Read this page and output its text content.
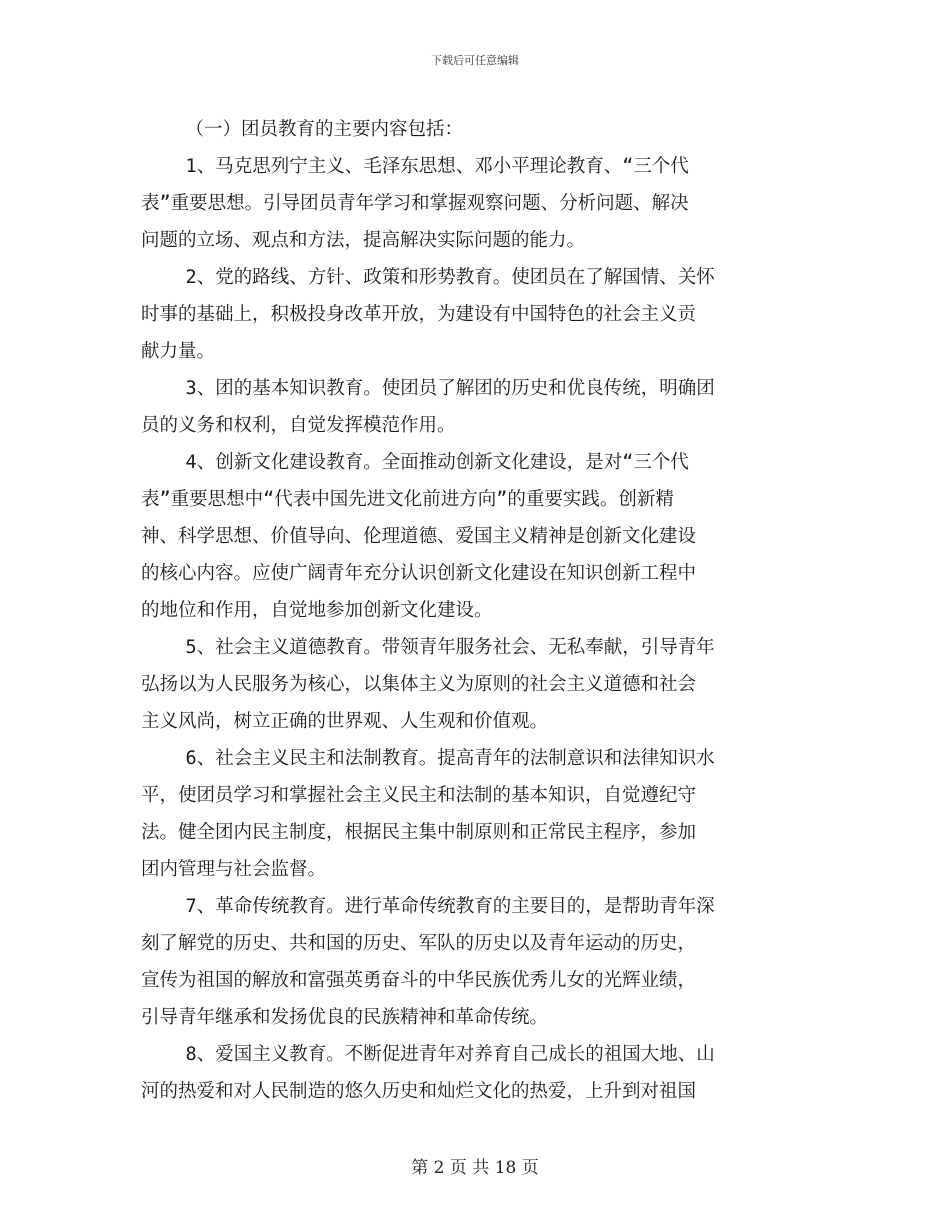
下载后可任意编辑
（一）团员教育的主要内容包括：
1、马克思列宁主义、毛泽东思想、邓小平理论教育、“三个代
表”重要思想。引导团员青年学习和掌握观察问题、分析问题、解决
问题的立场、观点和方法，提高解决实际问题的能力。
2、党的路线、方针、政策和形势教育。使团员在了解国情、关怀
时事的基础上，积极投身改革开放，为建设有中国特色的社会主义贡
献力量。
3、团的基本知识教育。使团员了解团的历史和优良传统，明确团
员的义务和权利，自觉发挥模范作用。
4、创新文化建设教育。全面推动创新文化建设，是对“三个代
表”重要思想中“代表中国先进文化前进方向”的重要实践。创新精
神、科学思想、价值导向、伦理道德、爱国主义精神是创新文化建设
的核心内容。应使广阔青年充分认识创新文化建设在知识创新工程中
的地位和作用，自觉地参加创新文化建设。
5、社会主义道德教育。带领青年服务社会、无私奉献，引导青年
弘扬以为人民服务为核心，以集体主义为原则的社会主义道德和社会
主义风尚，树立正确的世界观、人生观和价值观。
6、社会主义民主和法制教育。提高青年的法制意识和法律知识水
平，使团员学习和掌握社会主义民主和法制的基本知识，自觉遵纪守
法。健全团内民主制度，根据民主集中制原则和正常民主程序，参加
团内管理与社会监督。
7、革命传统教育。进行革命传统教育的主要目的，是帮助青年深
刻了解党的历史、共和国的历史、军队的历史以及青年运动的历史，
宣传为祖国的解放和富强英勇奋斗的中华民族优秀儿女的光辉业绩，
引导青年继承和发扬优良的民族精神和革命传统。
8、爱国主义教育。不断促进青年对养育自己成长的祖国大地、山
河的热爱和对人民制造的悠久历史和灿烂文化的热爱，上升到对祖国
第 2 页 共 18 页
